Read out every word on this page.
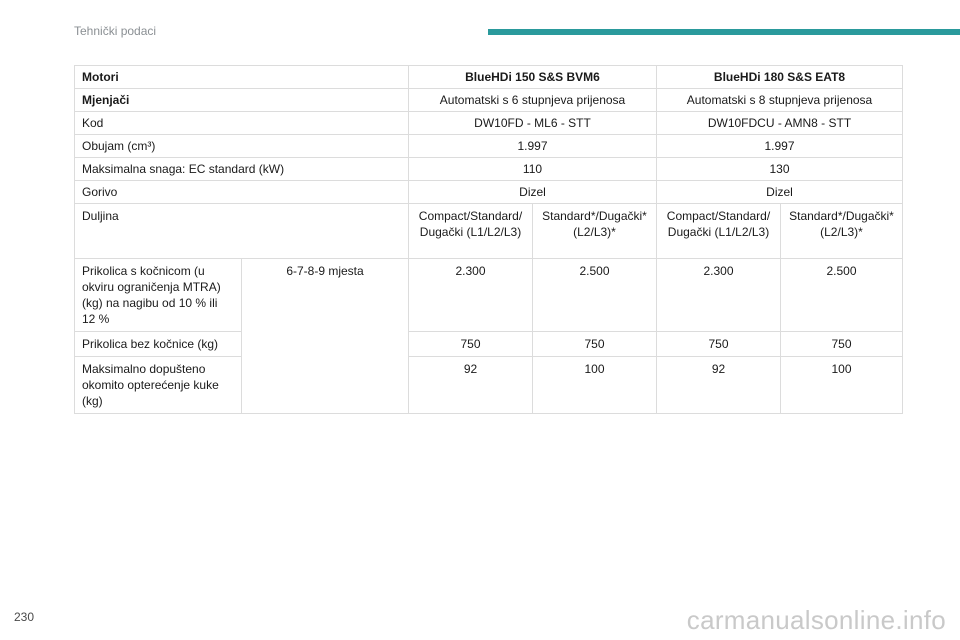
Tehnički podaci
Motori		BlueHDi 150 S&S BVM6		BlueHDi 180 S&S EAT8	
Mjenjači		Automatski s 6 stupnjeva prijenosa		Automatski s 8 stupnjeva prijenosa	
Kod		DW10FD - ML6 - STT		DW10FDCU - AMN8 - STT	
Obujam (cm³)		1.997		1.997	
Maksimalna snaga: EC standard (kW)		110		130	
Gorivo		Dizel		Dizel	
Duljina		Compact/Standard/ Dugački (L1/L2/L3)	Standard*/Dugački* (L2/L3)*	Compact/Standard/ Dugački (L1/L2/L3)	Standard*/Dugački* (L2/L3)*
Prikolica s kočnicom (u okviru ograničenja MTRA) (kg) na nagibu od 10 % ili 12 %	6-7-8-9 mjesta	2.300	2.500	2.300	2.500
Prikolica bez kočnice (kg)		750	750	750	750
Maksimalno dopušteno okomito opterećenje kuke (kg)		92	100	92	100
230	carmanualsonline.info
